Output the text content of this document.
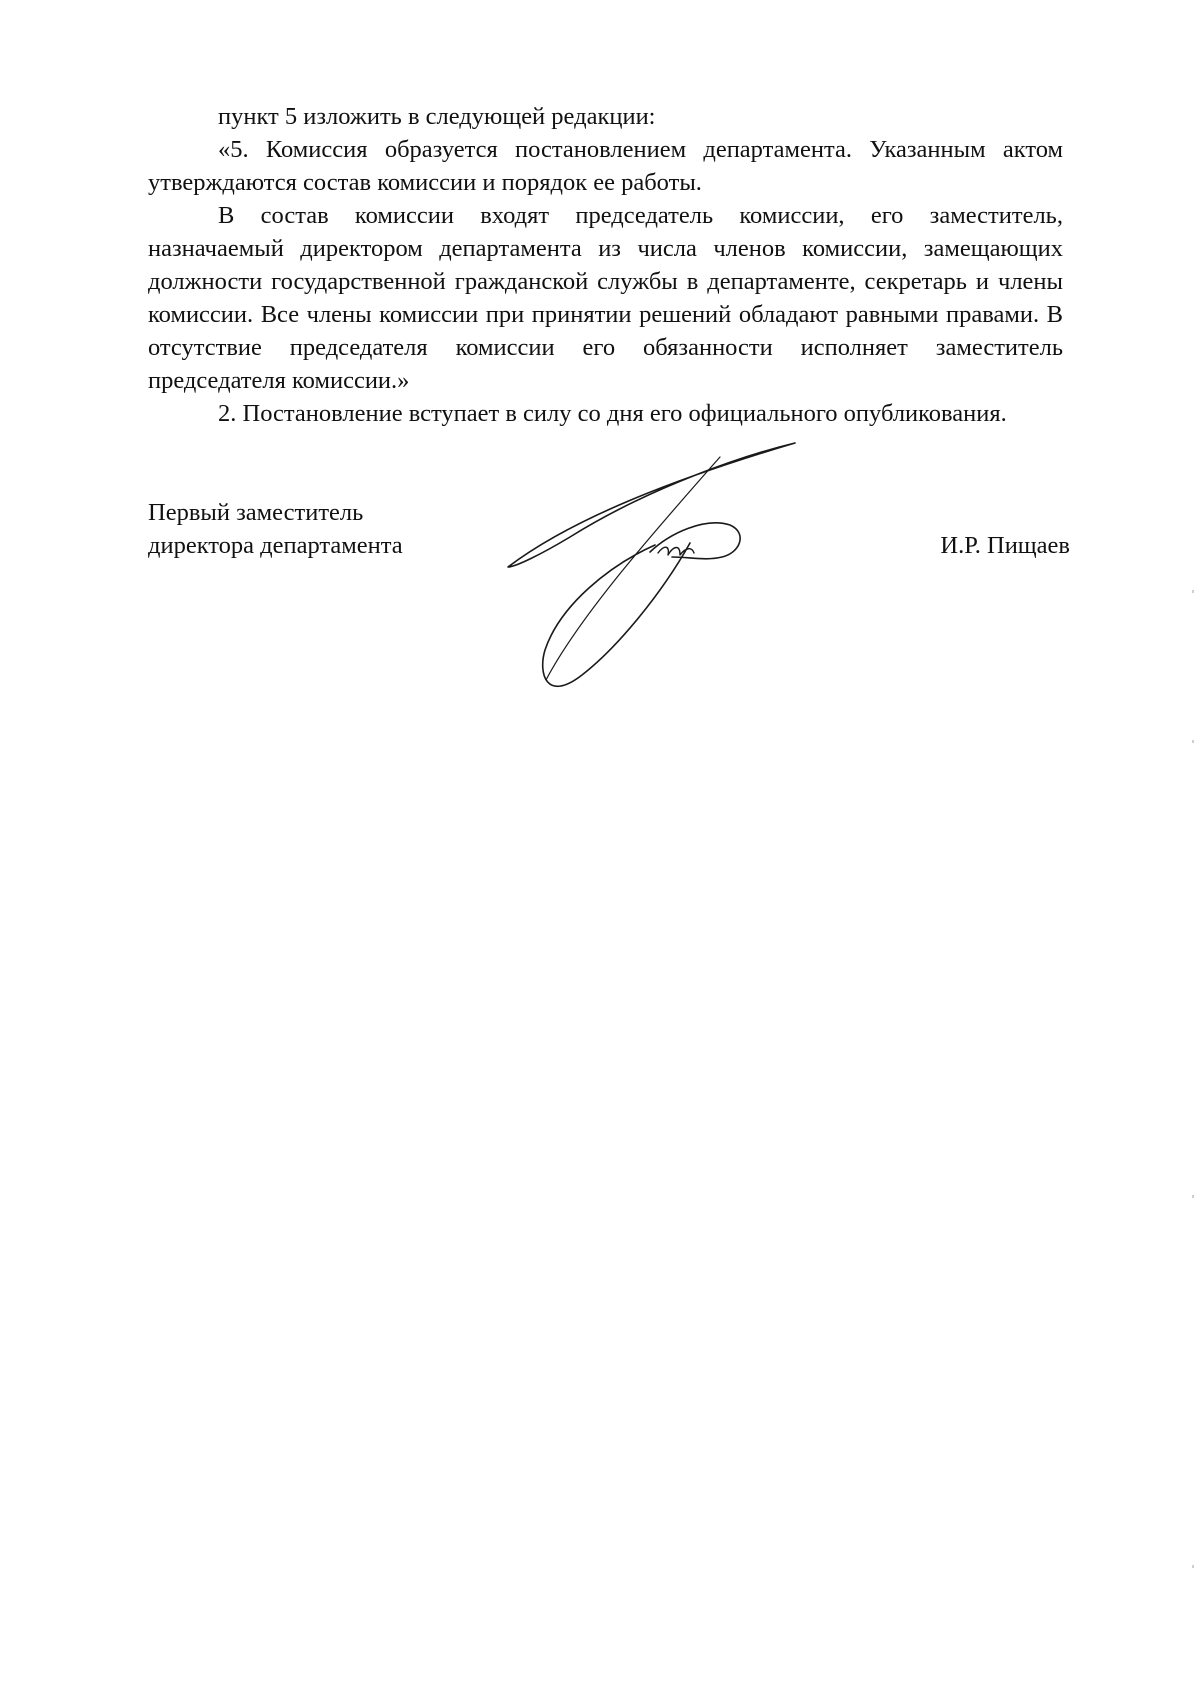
пункт 5 изложить в следующей редакции:

«5. Комиссия образуется постановлением департамента. Указанным актом утверждаются состав комиссии и порядок ее работы.

В состав комиссии входят председатель комиссии, его заместитель, назначаемый директором департамента из числа членов комиссии, замещающих должности государственной гражданской службы в департаменте, секретарь и члены комиссии. Все члены комиссии при принятии решений обладают равными правами. В отсутствие председателя комиссии его обязанности исполняет заместитель председателя комиссии.»

2. Постановление вступает в силу со дня его официального опубликования.

Первый заместитель
директора департамента	И.Р. Пищаев
